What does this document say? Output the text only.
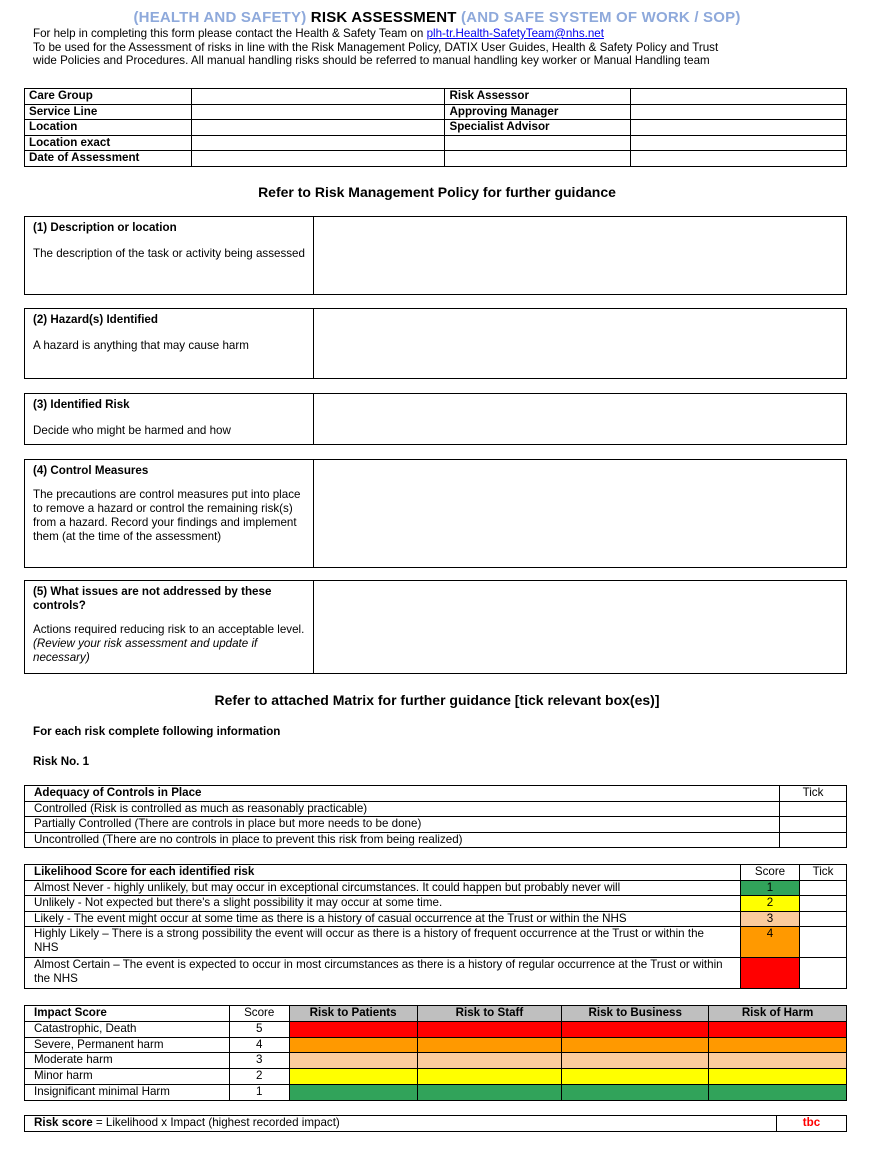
(HEALTH AND SAFETY) RISK ASSESSMENT (AND SAFE SYSTEM OF WORK / SOP)
For help in completing this form please contact the Health & Safety Team on plh-tr.Health-SafetyTeam@nhs.net
To be used for the Assessment of risks in line with the Risk Management Policy, DATIX User Guides, Health & Safety Policy and Trust
wide Policies and Procedures. All manual handling risks should be referred to manual handling key worker or Manual Handling team
Care Group		Risk Assessor	
Service Line		Approving Manager	
Location		Specialist Advisor	
Location exact			
Date of Assessment			
Refer to Risk Management Policy for further guidance
(1) Description or location
The description of the task or activity being assessed

(2) Hazard(s) Identified
A hazard is anything that may cause harm

(3) Identified Risk
Decide who might be harmed and how

(4) Control Measures
The precautions are control measures put into place to remove a hazard or control the remaining risk(s) from a hazard. Record your findings and implement them (at the time of the assessment)

(5) What issues are not addressed by these controls?
Actions required reducing risk to an acceptable level. (Review your risk assessment and update if necessary)

Refer to attached Matrix for further guidance [tick relevant box(es)]
For each risk complete following information
Risk No. 1
Adequacy of Controls in Place	Tick
Controlled (Risk is controlled as much as reasonably practicable)	
Partially Controlled (There are controls in place but more needs to be done)	
Uncontrolled (There are no controls in place to prevent this risk from being realized)	
Likelihood Score for each identified risk	Score	Tick
Almost Never - highly unlikely, but may occur in exceptional circumstances. It could happen but probably never will	1	
Unlikely - Not expected but there's a slight possibility it may occur at some time.	2	
Likely - The event might occur at some time as there is a history of casual occurrence at the Trust or within the NHS	3	
Highly Likely – There is a strong possibility the event will occur as there is a history of frequent occurrence at the Trust or within the NHS	4	
Almost Certain – The event is expected to occur in most circumstances as there is a history of regular occurrence at the Trust or within the NHS	5	
Impact Score	Score	Risk to Patients	Risk to Staff	Risk to Business	Risk of Harm
Catastrophic, Death	5				
Severe, Permanent harm	4				
Moderate harm	3				
Minor harm	2				
Insignificant minimal Harm	1				
Risk score = Likelihood x Impact (highest recorded impact)	tbc
